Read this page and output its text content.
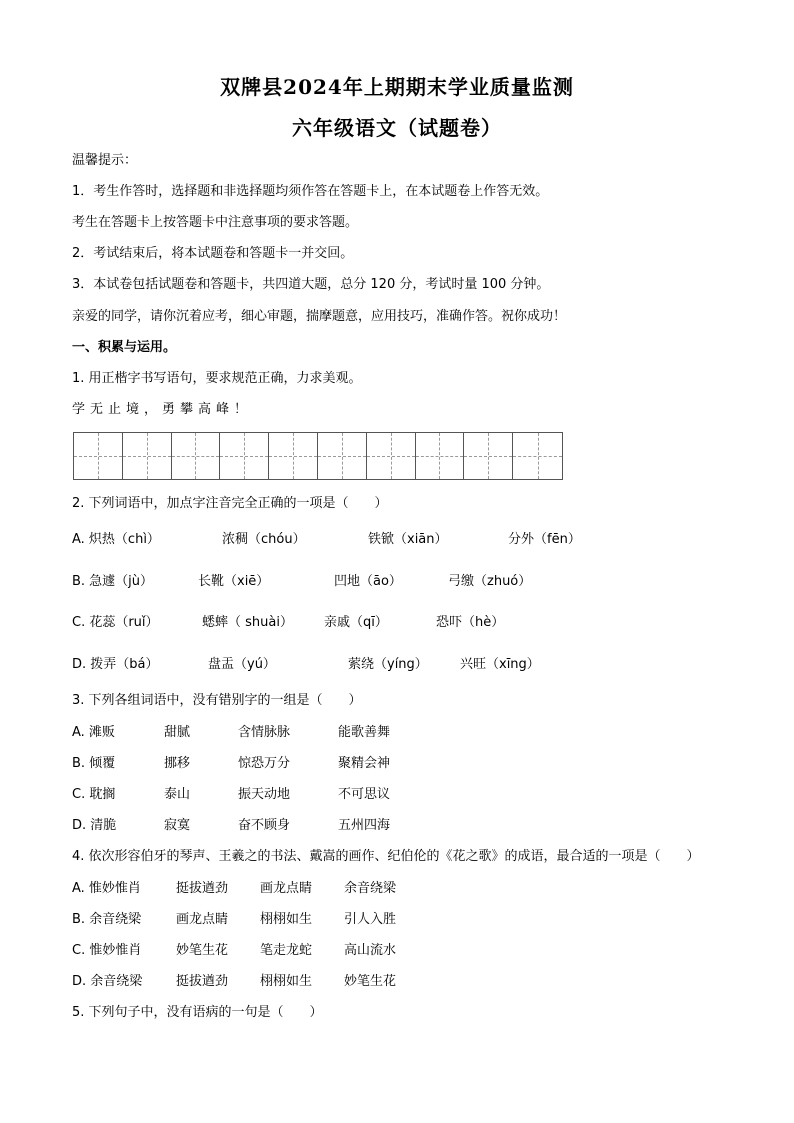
双牌县2024年上期期末学业质量监测
六年级语文（试题卷）
温馨提示：
1．考生作答时，选择题和非选择题均须作答在答题卡上，在本试题卷上作答无效。
考生在答题卡上按答题卡中注意事项的要求答题。
2．考试结束后，将本试题卷和答题卡一并交回。
3．本试卷包括试题卷和答题卡，共四道大题，总分 120 分，考试时量 100 分钟。
亲爱的同学，请你沉着应考，细心审题，揣摩题意，应用技巧，准确作答。祝你成功！
一、积累与运用。
1. 用正楷字书写语句，要求规范正确，力求美观。
学无止境，勇攀高峰！
2. 下列词语中，加点字注音完全正确的一项是（　　）
A. 炽热（chì）	浓稠（chóu）	铁锨（xiān）	分外（fēn）
B. 急遽（jù）	长靴（xiē）	凹地（āo）	弓缴（zhuó）
C. 花蕊（ruǐ）	蟋蟀（ shuài） 亲戚（qī）	恐吓（hè）
D. 拨弄（bá）	盘盂（yú）	萦绕（yíng） 兴旺（xīng）
3. 下列各组词语中，没有错别字的一组是（　　）
A. 滩贩	甜腻	含情脉脉	能歌善舞
B. 倾覆	挪移	惊恐万分	聚精会神
C. 耽搁	泰山	振天动地	不可思议
D. 清脆	寂寞	奋不顾身	五州四海
4. 依次形容伯牙的琴声、王羲之的书法、戴嵩的画作、纪伯伦的《花之歌》的成语，最合适的一项是（　　）
A. 惟妙惟肖	挺拔遒劲 画龙点睛 余音绕梁
B. 余音绕梁	画龙点睛 栩栩如生 引人入胜
C. 惟妙惟肖	妙笔生花 笔走龙蛇 高山流水
D. 余音绕梁	挺拔遒劲 栩栩如生 妙笔生花
5. 下列句子中，没有语病的一句是（　　）
